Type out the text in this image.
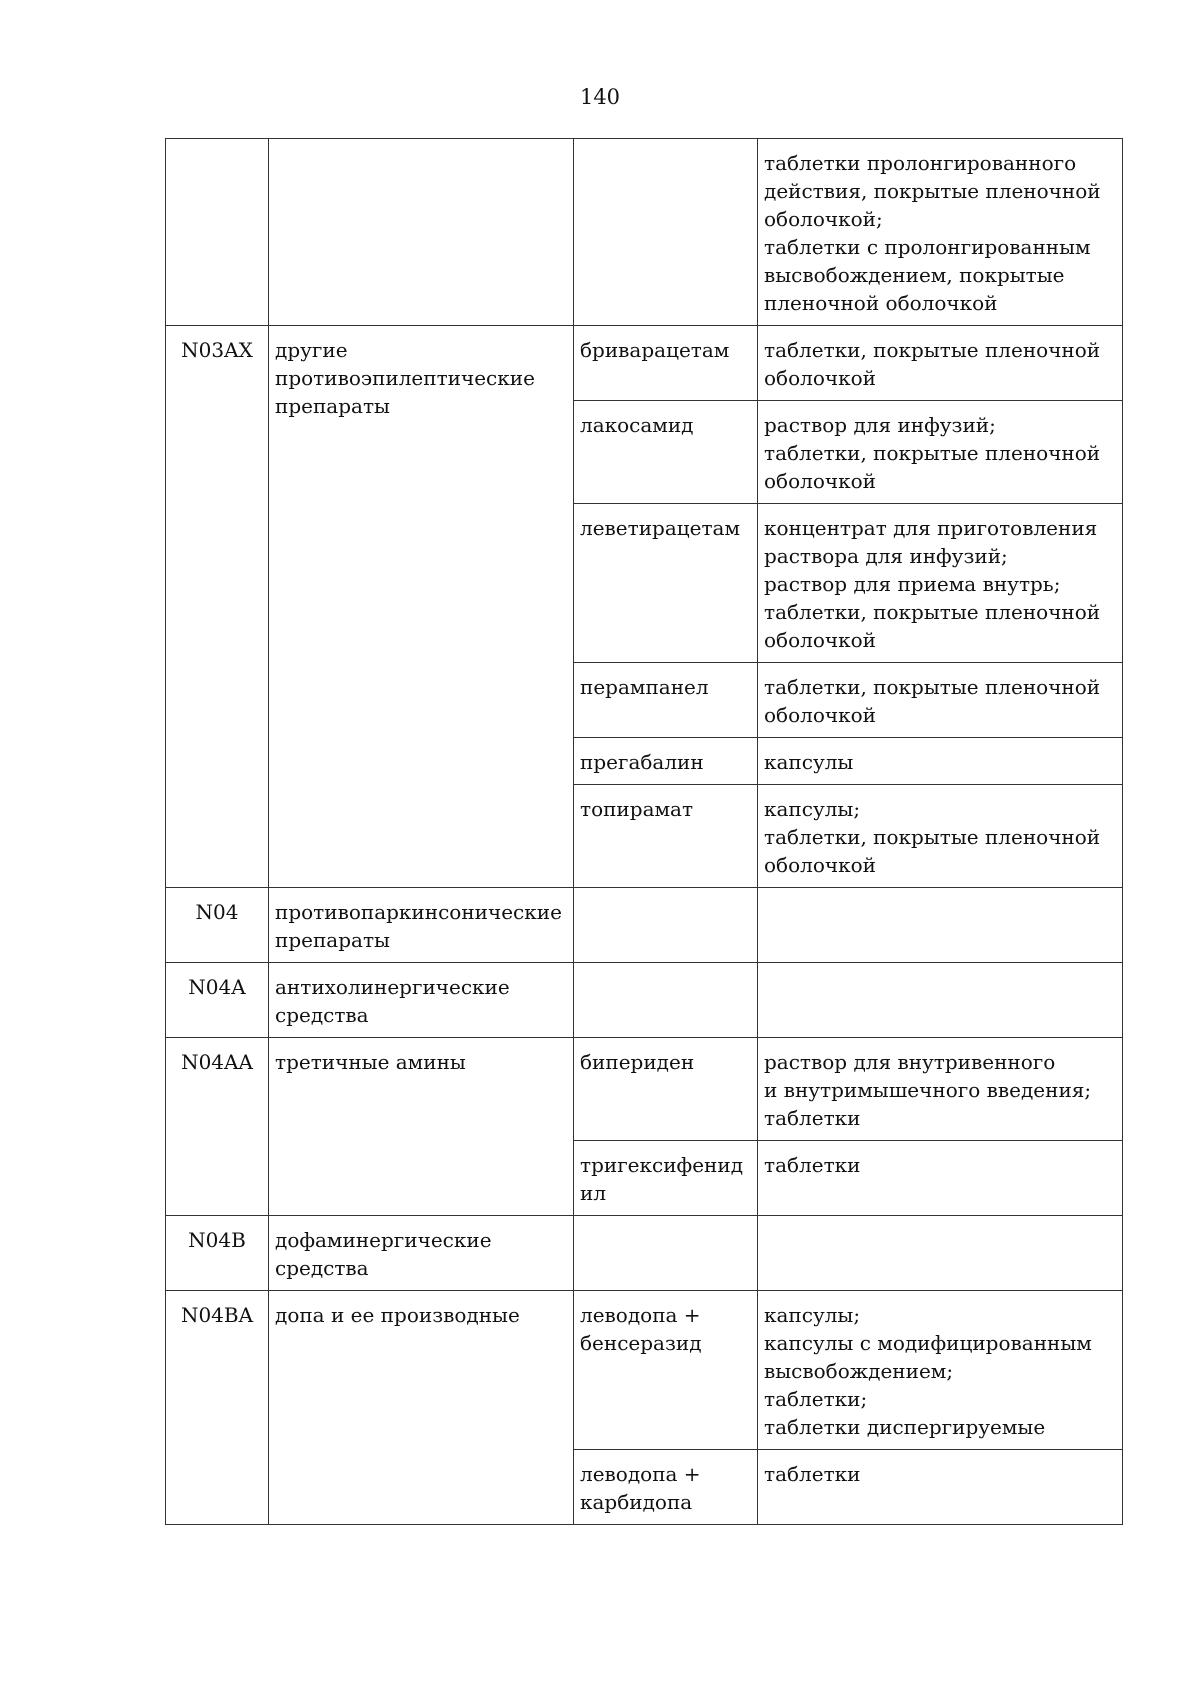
140

			таблетки пролонгированного действия, покрытые пленочной оболочкой;
таблетки с пролонгированным высвобождением, покрытые пленочной оболочкой

N03AX	другие противоэпилептические препараты	бриварацетам	таблетки, покрытые пленочной оболочкой

		лакосамид	раствор для инфузий;
таблетки, покрытые пленочной оболочкой

		леветирацетам	концентрат для приготовления раствора для инфузий;
раствор для приема внутрь;
таблетки, покрытые пленочной оболочкой

		перампанел	таблетки, покрытые пленочной оболочкой

		прегабалин	капсулы

		топирамат	капсулы;
таблетки, покрытые пленочной оболочкой

N04	противопаркинсонические препараты		
N04A	антихолинергические средства		
N04AA	третичные амины	бипериден	раствор для внутривенного
и внутримышечного введения;
таблетки

		тригексифенидил	таблетки

N04B	дофаминергические средства		
N04BA	допа и ее производные	леводопа + бенсеразид	капсулы;
капсулы с модифицированным высвобождением;
таблетки;
таблетки диспергируемые

		леводопа + карбидопа	таблетки
